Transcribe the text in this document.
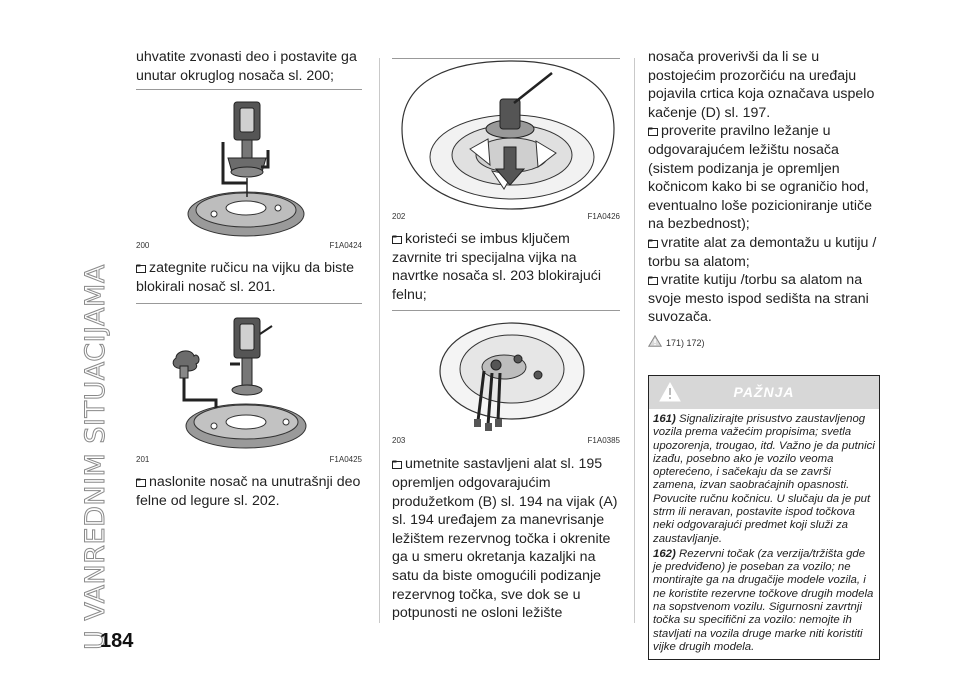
U VANREDNIM SITUACIJAMA
184

uhvatite zvonasti deo i postavite ga unutar okruglog nosača sl. 200;

200	F1A0424

zategnite ručicu na vijku da biste blokirali nosač sl. 201.

201	F1A0425

naslonite nosač na unutrašnji deo felne od legure sl. 202.

202	F1A0426

koristeći se imbus ključem zavrnite tri specijalna vijka na navrtke nosača sl. 203 blokirajući felnu;

203	F1A0385

umetnite sastavljeni alat sl. 195 opremljen odgovarajućim produžetkom (B) sl. 194 na vijak (A) sl. 194 uređajem za manevrisanje ležištem rezervnog točka i okrenite ga u smeru okretanja kazaljki na satu da biste omogućili podizanje rezervnog točka, sve dok se u potpunosti ne osloni ležište

nosača proverivši da li se u postojećim prozorčiću na uređaju pojavila crtica koja označava uspelo kačenje (D) sl. 197.

proverite pravilno ležanje u odgovarajućem ležištu nosača (sistem podizanja je opremljen kočnicom kako bi se ograničio hod, eventualno loše pozicioniranje utiče na bezbednost);

vratite alat za demontažu u kutiju / torbu sa alatom;

vratite kutiju /torbu sa alatom na svoje mesto ispod sedišta na strani suvozača.

171) 172)
PAŽNJA

161) Signalizirajte prisustvo zaustavljenog vozila prema važećim propisima; svetla upozorenja, trougao, itd. Važno je da putnici izađu, posebno ako je vozilo veoma opterećeno, i sačekaju da se završi zamena, izvan saobraćajnih opasnosti. Povucite ručnu kočnicu. U slučaju da je put strm ili neravan, postavite ispod točkova neki odgovarajući predmet koji služi za zaustavljanje.

162) Rezervni točak (za verzija/tržišta gde je predviđeno) je poseban za vozilo; ne montirajte ga na drugačije modele vozila, i ne koristite rezervne točkove drugih modela na sopstvenom vozilu. Sigurnosni zavrtnji točka su specifični za vozilo: nemojte ih stavljati na vozila druge marke niti koristiti vijke drugih modela.
